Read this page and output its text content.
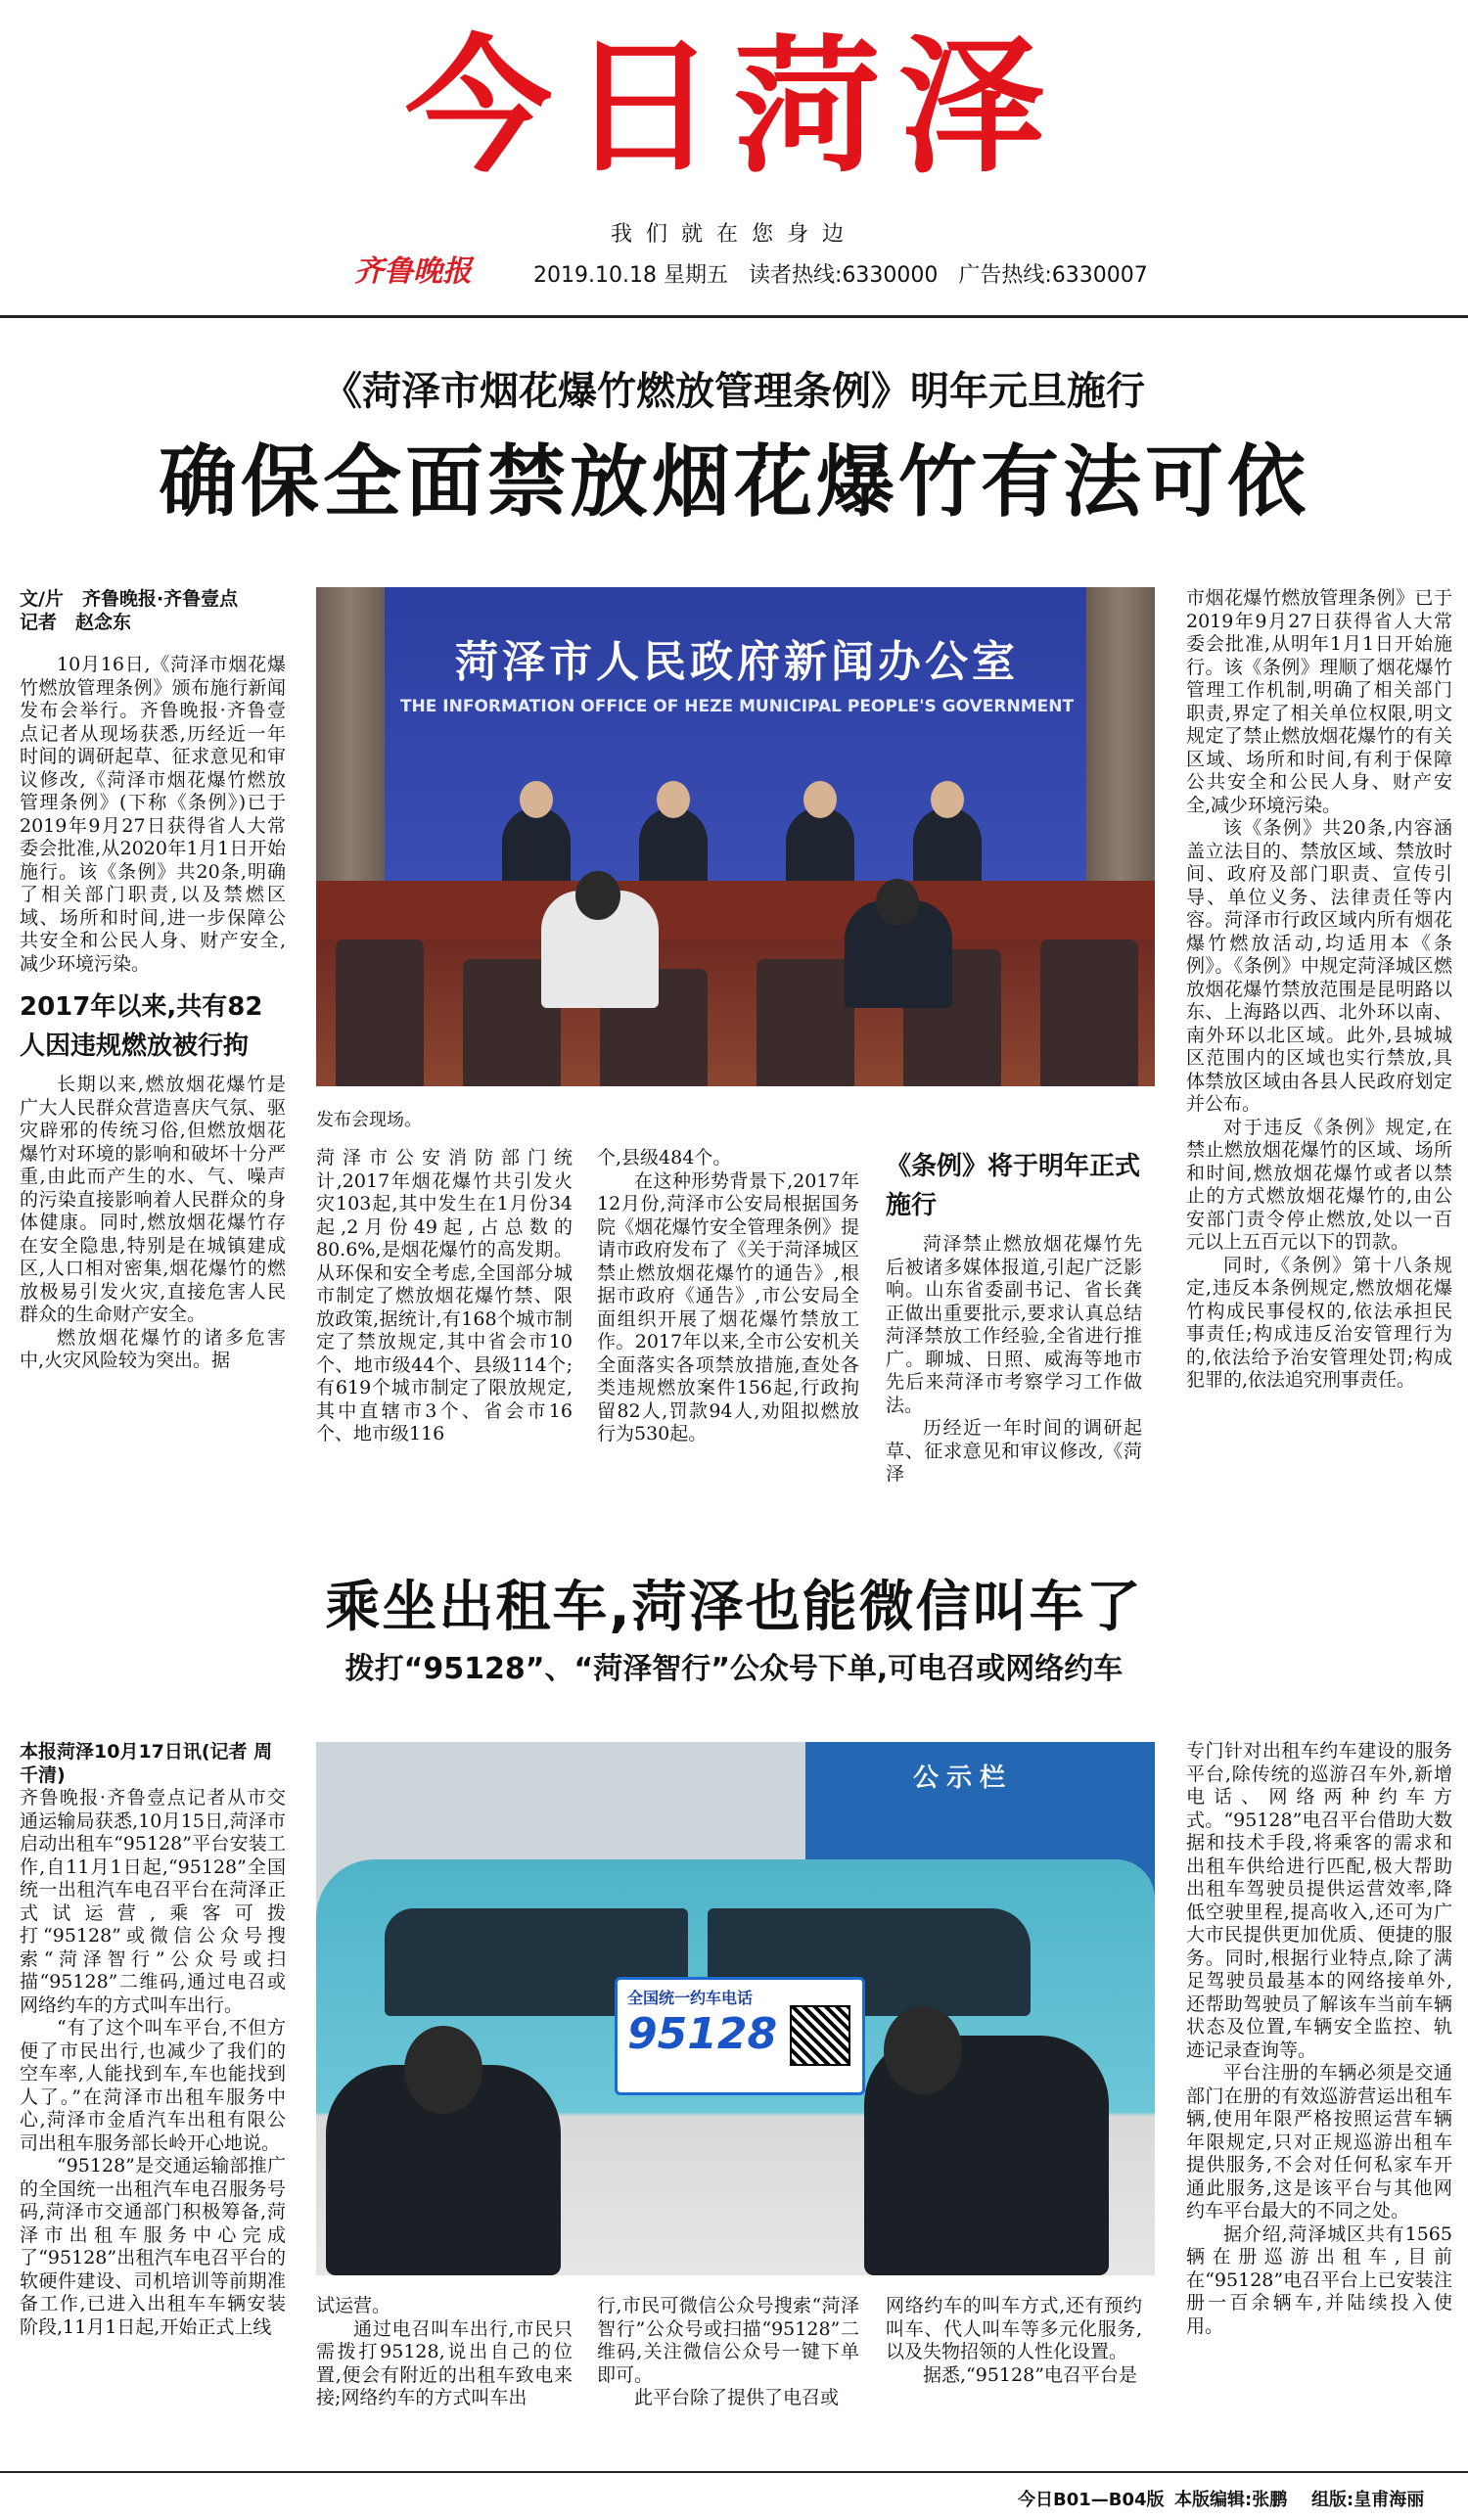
今日菏泽
我们就在您身边
齐鲁晚报	2019.10.18 星期五 读者热线:6330000 广告热线:6330007
《菏泽市烟花爆竹燃放管理条例》明年元旦施行
确保全面禁放烟花爆竹有法可依
文/片　齐鲁晚报·齐鲁壹点
记者　赵念东

10月16日,《菏泽市烟花爆竹燃放管理条例》颁布施行新闻发布会举行。齐鲁晚报·齐鲁壹点记者从现场获悉,历经近一年时间的调研起草、征求意见和审议修改,《菏泽市烟花爆竹燃放管理条例》(下称《条例》)已于2019年9月27日获得省人大常委会批准,从2020年1月1日开始施行。该《条例》共20条,明确了相关部门职责,以及禁燃区域、场所和时间,进一步保障公共安全和公民人身、财产安全,减少环境污染。

2017年以来,共有82人因违规燃放被行拘

长期以来,燃放烟花爆竹是广大人民群众营造喜庆气氛、驱灾辟邪的传统习俗,但燃放烟花爆竹对环境的影响和破坏十分严重,由此而产生的水、气、噪声的污染直接影响着人民群众的身体健康。同时,燃放烟花爆竹存在安全隐患,特别是在城镇建成区,人口相对密集,烟花爆竹的燃放极易引发火灾,直接危害人民群众的生命财产安全。

燃放烟花爆竹的诸多危害中,火灾风险较为突出。据

菏泽市人民政府新闻办公室
THE INFORMATION OFFICE OF HEZE MUNICIPAL PEOPLE'S GOVERNMENT
发布会现场。

菏泽市公安消防部门统计,2017年烟花爆竹共引发火灾103起,其中发生在1月份34起,2月份49起,占总数的80.6%,是烟花爆竹的高发期。从环保和安全考虑,全国部分城市制定了燃放烟花爆竹禁、限放政策,据统计,有168个城市制定了禁放规定,其中省会市10个、地市级44个、县级114个;有619个城市制定了限放规定,其中直辖市3个、省会市16个、地市级116

个,县级484个。

在这种形势背景下,2017年12月份,菏泽市公安局根据国务院《烟花爆竹安全管理条例》提请市政府发布了《关于菏泽城区禁止燃放烟花爆竹的通告》,根据市政府《通告》,市公安局全面组织开展了烟花爆竹禁放工作。2017年以来,全市公安机关全面落实各项禁放措施,查处各类违规燃放案件156起,行政拘留82人,罚款94人,劝阻拟燃放行为530起。

《条例》将于明年正式施行

菏泽禁止燃放烟花爆竹先后被诸多媒体报道,引起广泛影响。山东省委副书记、省长龚正做出重要批示,要求认真总结菏泽禁放工作经验,全省进行推广。聊城、日照、威海等地市先后来菏泽市考察学习工作做法。

历经近一年时间的调研起草、征求意见和审议修改,《菏泽

市烟花爆竹燃放管理条例》已于2019年9月27日获得省人大常委会批准,从明年1月1日开始施行。该《条例》理顺了烟花爆竹管理工作机制,明确了相关部门职责,界定了相关单位权限,明文规定了禁止燃放烟花爆竹的有关区域、场所和时间,有利于保障公共安全和公民人身、财产安全,减少环境污染。

该《条例》共20条,内容涵盖立法目的、禁放区域、禁放时间、政府及部门职责、宣传引导、单位义务、法律责任等内容。菏泽市行政区域内所有烟花爆竹燃放活动,均适用本《条例》。《条例》中规定菏泽城区燃放烟花爆竹禁放范围是昆明路以东、上海路以西、北外环以南、南外环以北区域。此外,县城城区范围内的区域也实行禁放,具体禁放区域由各县人民政府划定并公布。

对于违反《条例》规定,在禁止燃放烟花爆竹的区域、场所和时间,燃放烟花爆竹或者以禁止的方式燃放烟花爆竹的,由公安部门责令停止燃放,处以一百元以上五百元以下的罚款。

同时,《条例》第十八条规定,违反本条例规定,燃放烟花爆竹构成民事侵权的,依法承担民事责任;构成违反治安管理行为的,依法给予治安管理处罚;构成犯罪的,依法追究刑事责任。

乘坐出租车,菏泽也能微信叫车了
拨打“95128”、“菏泽智行”公众号下单,可电召或网络约车
本报菏泽10月17日讯(记者 周千清)

齐鲁晚报·齐鲁壹点记者从市交通运输局获悉,10月15日,菏泽市启动出租车“95128”平台安装工作,自11月1日起,“95128”全国统一出租汽车电召平台在菏泽正式试运营,乘客可拨打“95128”或微信公众号搜索“菏泽智行”公众号或扫描“95128”二维码,通过电召或网络约车的方式叫车出行。

“有了这个叫车平台,不但方便了市民出行,也减少了我们的空车率,人能找到车,车也能找到人了。”在菏泽市出租车服务中心,菏泽市金盾汽车出租有限公司出租车服务部长岭开心地说。

“95128”是交通运输部推广的全国统一出租汽车电召服务号码,菏泽市交通部门积极筹备,菏泽市出租车服务中心完成了“95128”出租汽车电召平台的软硬件建设、司机培训等前期准备工作,已进入出租车车辆安装阶段,11月1日起,开始正式上线

公示栏
全国统一约车电话
95128

试运营。

通过电召叫车出行,市民只需拨打95128,说出自己的位置,便会有附近的出租车致电来接;网络约车的方式叫车出

行,市民可微信公众号搜索“菏泽智行”公众号或扫描“95128”二维码,关注微信公众号一键下单即可。

此平台除了提供了电召或

网络约车的叫车方式,还有预约叫车、代人叫车等多元化服务,以及失物招领的人性化设置。

据悉,“95128”电召平台是

专门针对出租车约车建设的服务平台,除传统的巡游召车外,新增电话、网络两种约车方式。“95128”电召平台借助大数据和技术手段,将乘客的需求和出租车供给进行匹配,极大帮助出租车驾驶员提供运营效率,降低空驶里程,提高收入,还可为广大市民提供更加优质、便捷的服务。同时,根据行业特点,除了满足驾驶员最基本的网络接单外,还帮助驾驶员了解该车当前车辆状态及位置,车辆安全监控、轨迹记录查询等。

平台注册的车辆必须是交通部门在册的有效巡游营运出租车辆,使用年限严格按照运营车辆年限规定,只对正规巡游出租车提供服务,不会对任何私家车开通此服务,这是该平台与其他网约车平台最大的不同之处。

据介绍,菏泽城区共有1565辆在册巡游出租车,目前在“95128”电召平台上已安装注册一百余辆车,并陆续投入使用。

今日B01—B04版 本版编辑:张鹏 组版:皇甫海丽
